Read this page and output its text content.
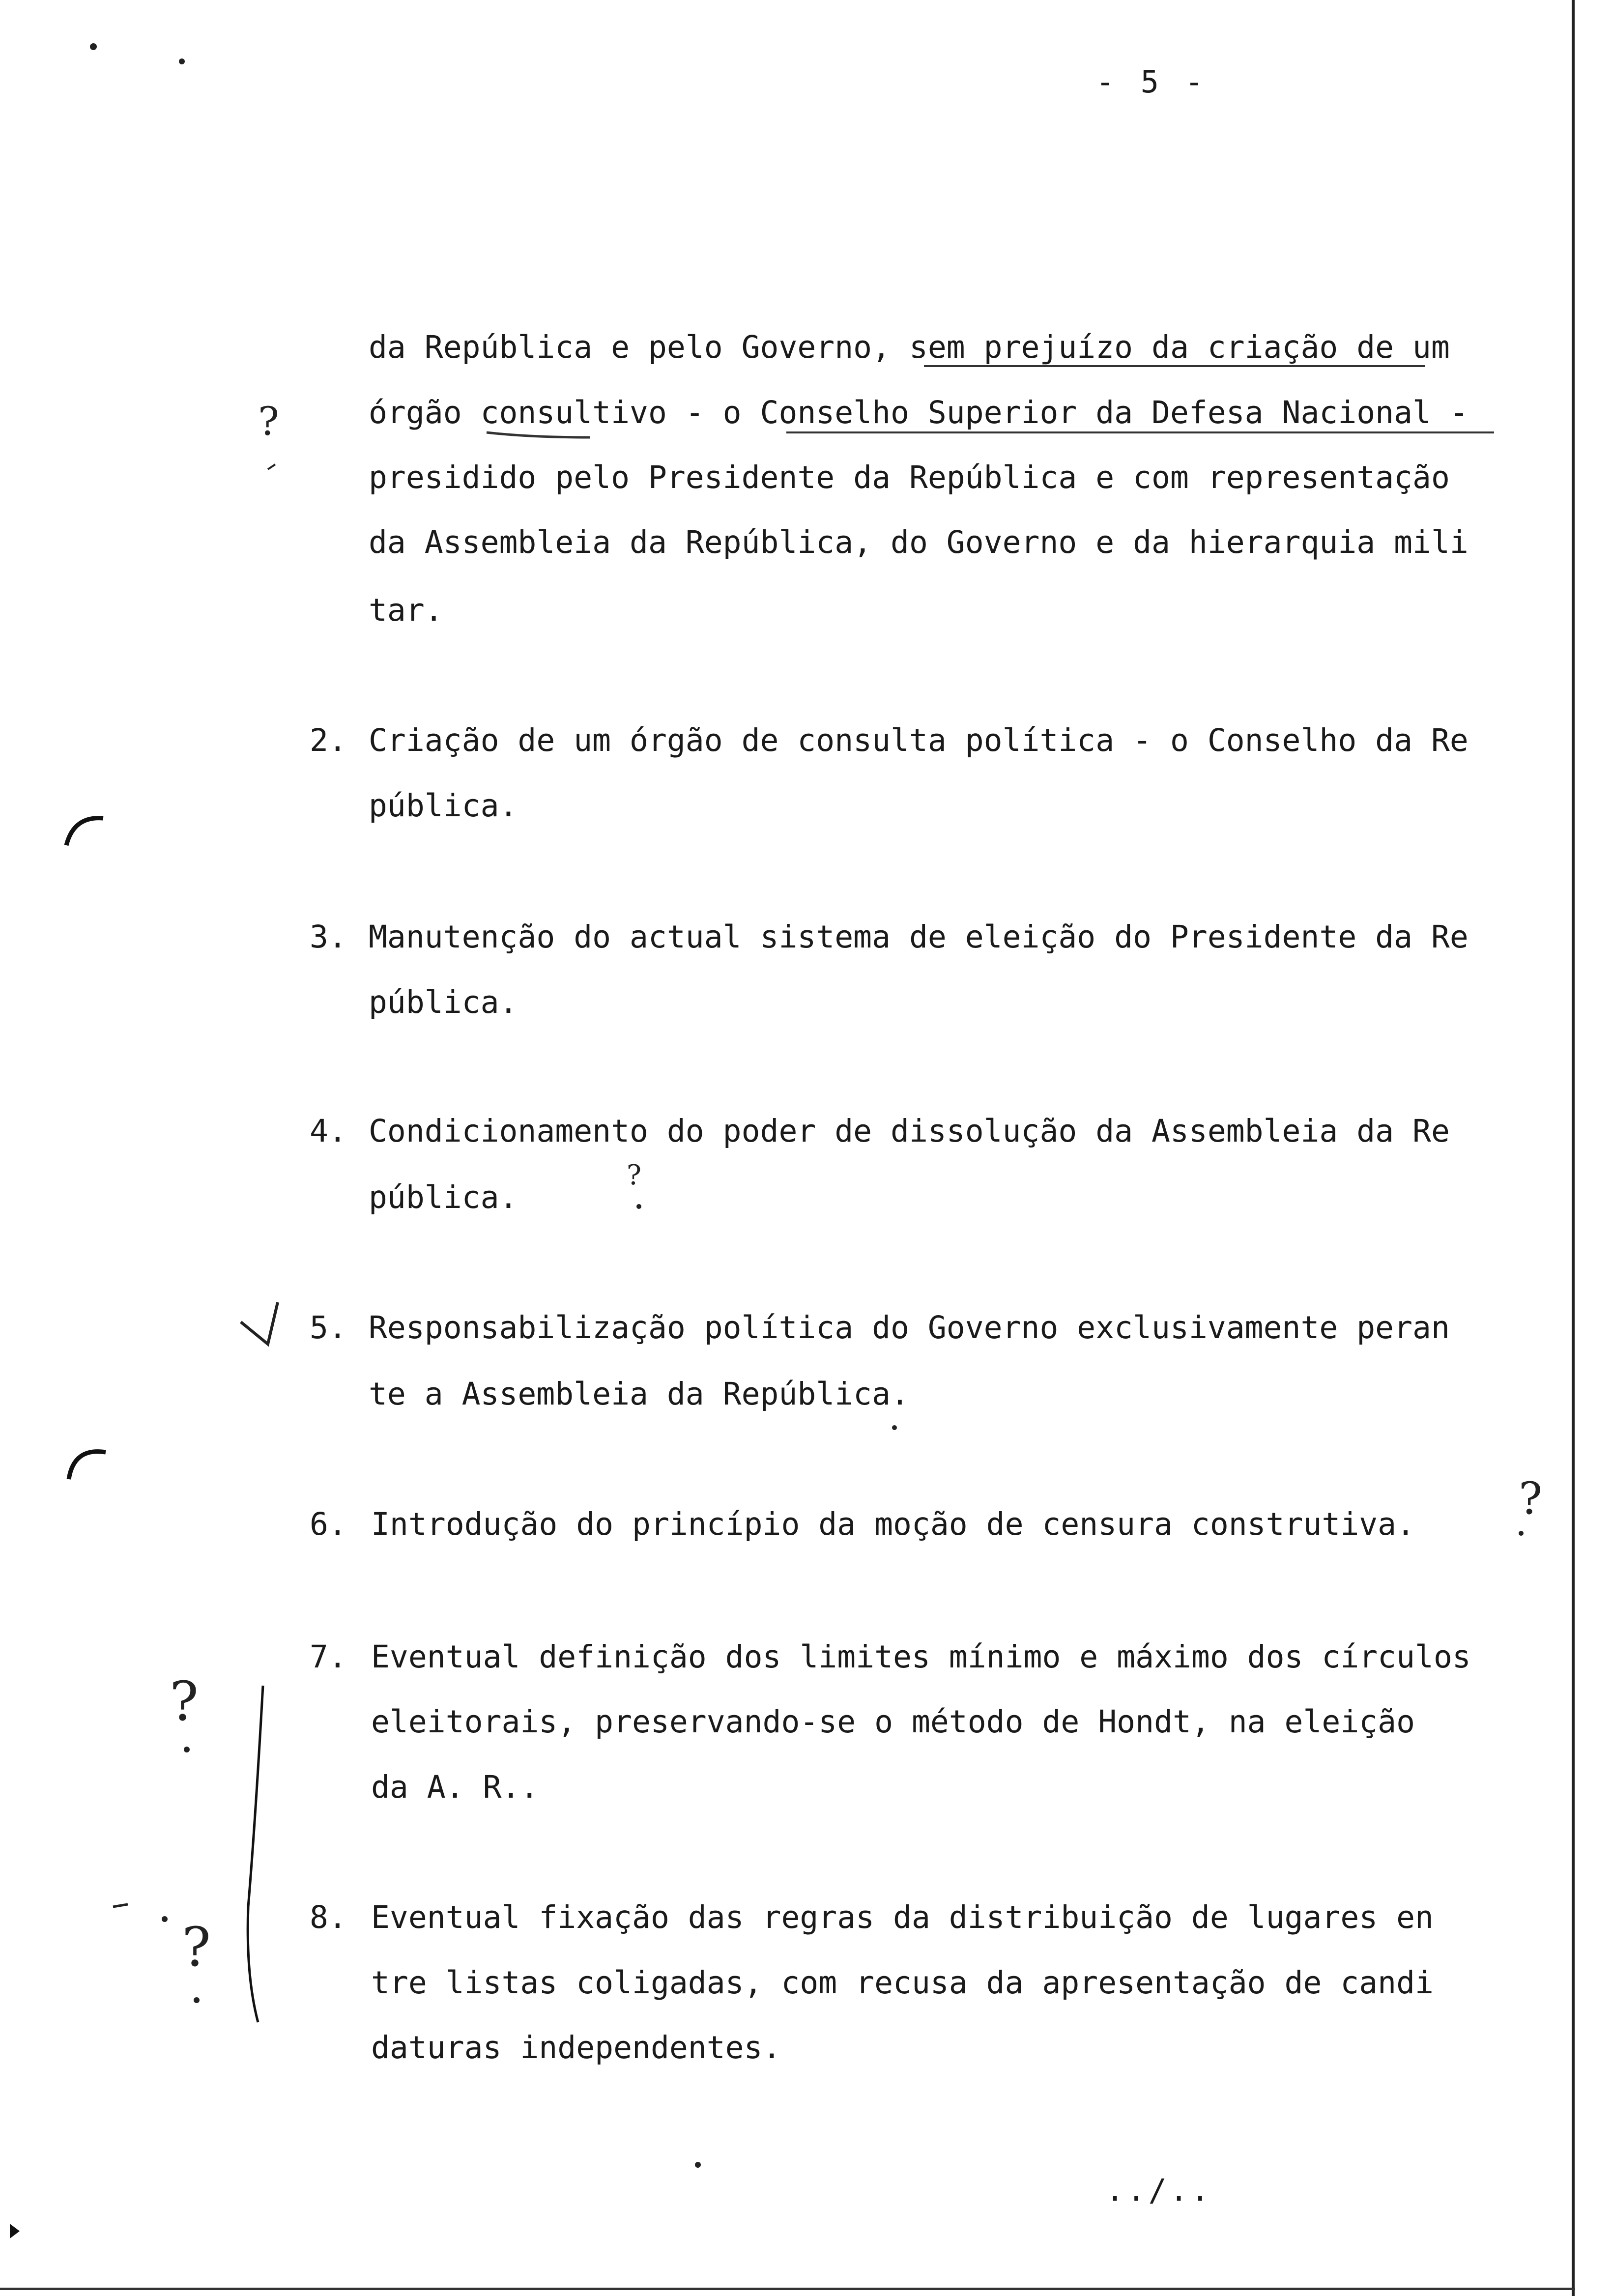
- 5 -
da República e pelo Governo, sem prejuízo da criação de um
órgão consultivo - o Conselho Superior da Defesa Nacional -
presidido pelo Presidente da República e com representação
da Assembleia da República, do Governo e da hierarquia mili
tar.
2. Criação de um órgão de consulta política - o Conselho da Re
pública.
3. Manutenção do actual sistema de eleição do Presidente da Re
pública.
4. Condicionamento do poder de dissolução da Assembleia da Re
pública.
5. Responsabilização política do Governo exclusivamente peran
te a Assembleia da República.
6. Introdução do princípio da moção de censura construtiva.
7. Eventual definição dos limites mínimo e máximo dos círculos
eleitorais, preservando-se o método de Hondt, na eleição
da A. R..
8. Eventual fixação das regras da distribuição de lugares en
tre listas coligadas, com recusa da apresentação de candi
daturas independentes.
../..
?
?
?
?
?
